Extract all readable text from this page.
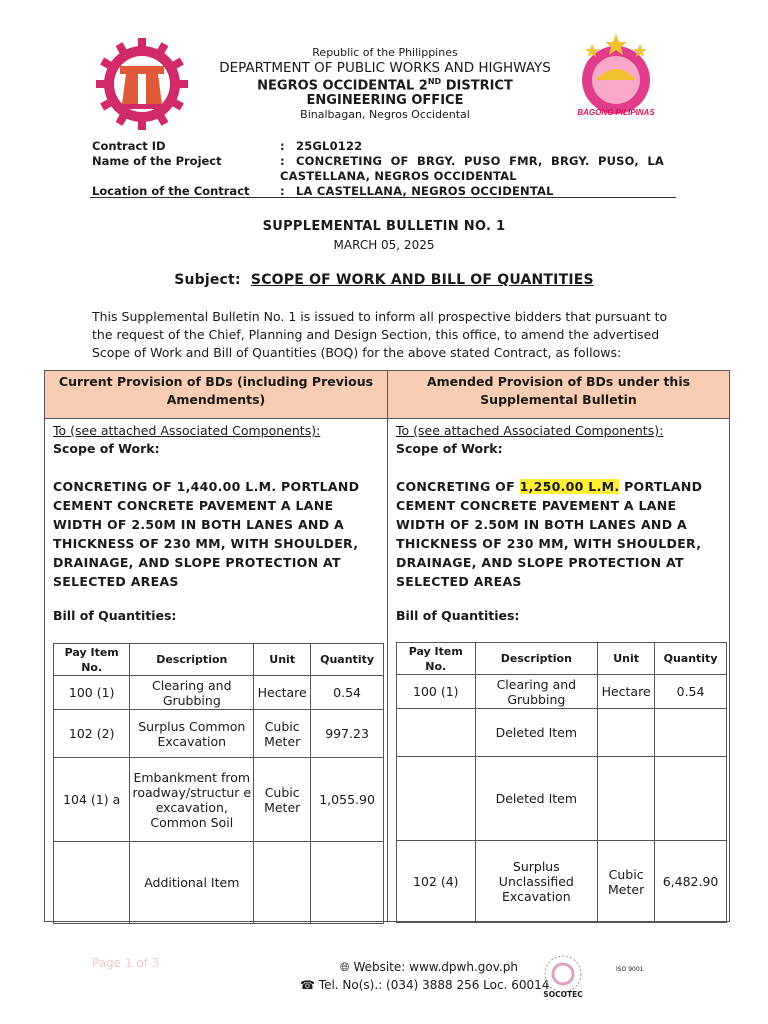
BAGONG PILIPINAS
Republic of the Philippines
DEPARTMENT OF PUBLIC WORKS AND HIGHWAYS
NEGROS OCCIDENTAL 2ND DISTRICT
ENGINEERING OFFICE
Binalbagan, Negros Occidental
Contract ID	: 25GL0122
Name of the Project	: CONCRETING  OF  BRGY.  PUSO  FMR,  BRGY.  PUSO,  LA
CASTELLANA, NEGROS OCCIDENTAL
Location of the Contract	: LA CASTELLANA, NEGROS OCCIDENTAL
SUPPLEMENTAL BULLETIN NO. 1
MARCH 05, 2025
Subject: SCOPE OF WORK AND BILL OF QUANTITIES
This Supplemental Bulletin No. 1 is issued to inform all prospective bidders that pursuant to the request of the Chief, Planning and Design Section, this office, to amend the advertised Scope of Work and Bill of Quantities (BOQ) for the above stated Contract, as follows:
Current Provision of BDs (including Previous
Amendments)
Amended Provision of BDs under this
Supplemental Bulletin
To (see attached Associated Components):
Scope of Work:
CONCRETING OF 1,440.00 L.M. PORTLAND
CEMENT CONCRETE PAVEMENT A LANE WIDTH OF 2.50M IN BOTH LANES AND A THICKNESS OF 230 MM, WITH SHOULDER, DRAINAGE, AND SLOPE PROTECTION AT SELECTED AREAS
Bill of Quantities:
Pay Item No.	Description	Unit	Quantity
100 (1)	Clearing and Grubbing	Hectare	0.54
102 (2)	Surplus Common Excavation	Cubic Meter	997.23
104 (1) a	Embankment from roadway/structur e excavation, Common Soil	Cubic Meter	1,055.90
	Additional Item		
To (see attached Associated Components):
Scope of Work:
CONCRETING OF 1,250.00 L.M. PORTLAND
CEMENT CONCRETE PAVEMENT A LANE WIDTH OF 2.50M IN BOTH LANES AND A THICKNESS OF 230 MM, WITH SHOULDER, DRAINAGE, AND SLOPE PROTECTION AT SELECTED AREAS
Bill of Quantities:
Pay Item No.	Description	Unit	Quantity
100 (1)	Clearing and Grubbing	Hectare	0.54
	Deleted Item		
	Deleted Item		
102 (4)	Surplus Unclassified Excavation	Cubic Meter	6,482.90
Page 1 of 3	🌐︎ Website: www.dpwh.gov.ph
☎ Tel. No(s).: (034) 3888 256 Loc. 60014
SOCOTEC
ISO 9001
